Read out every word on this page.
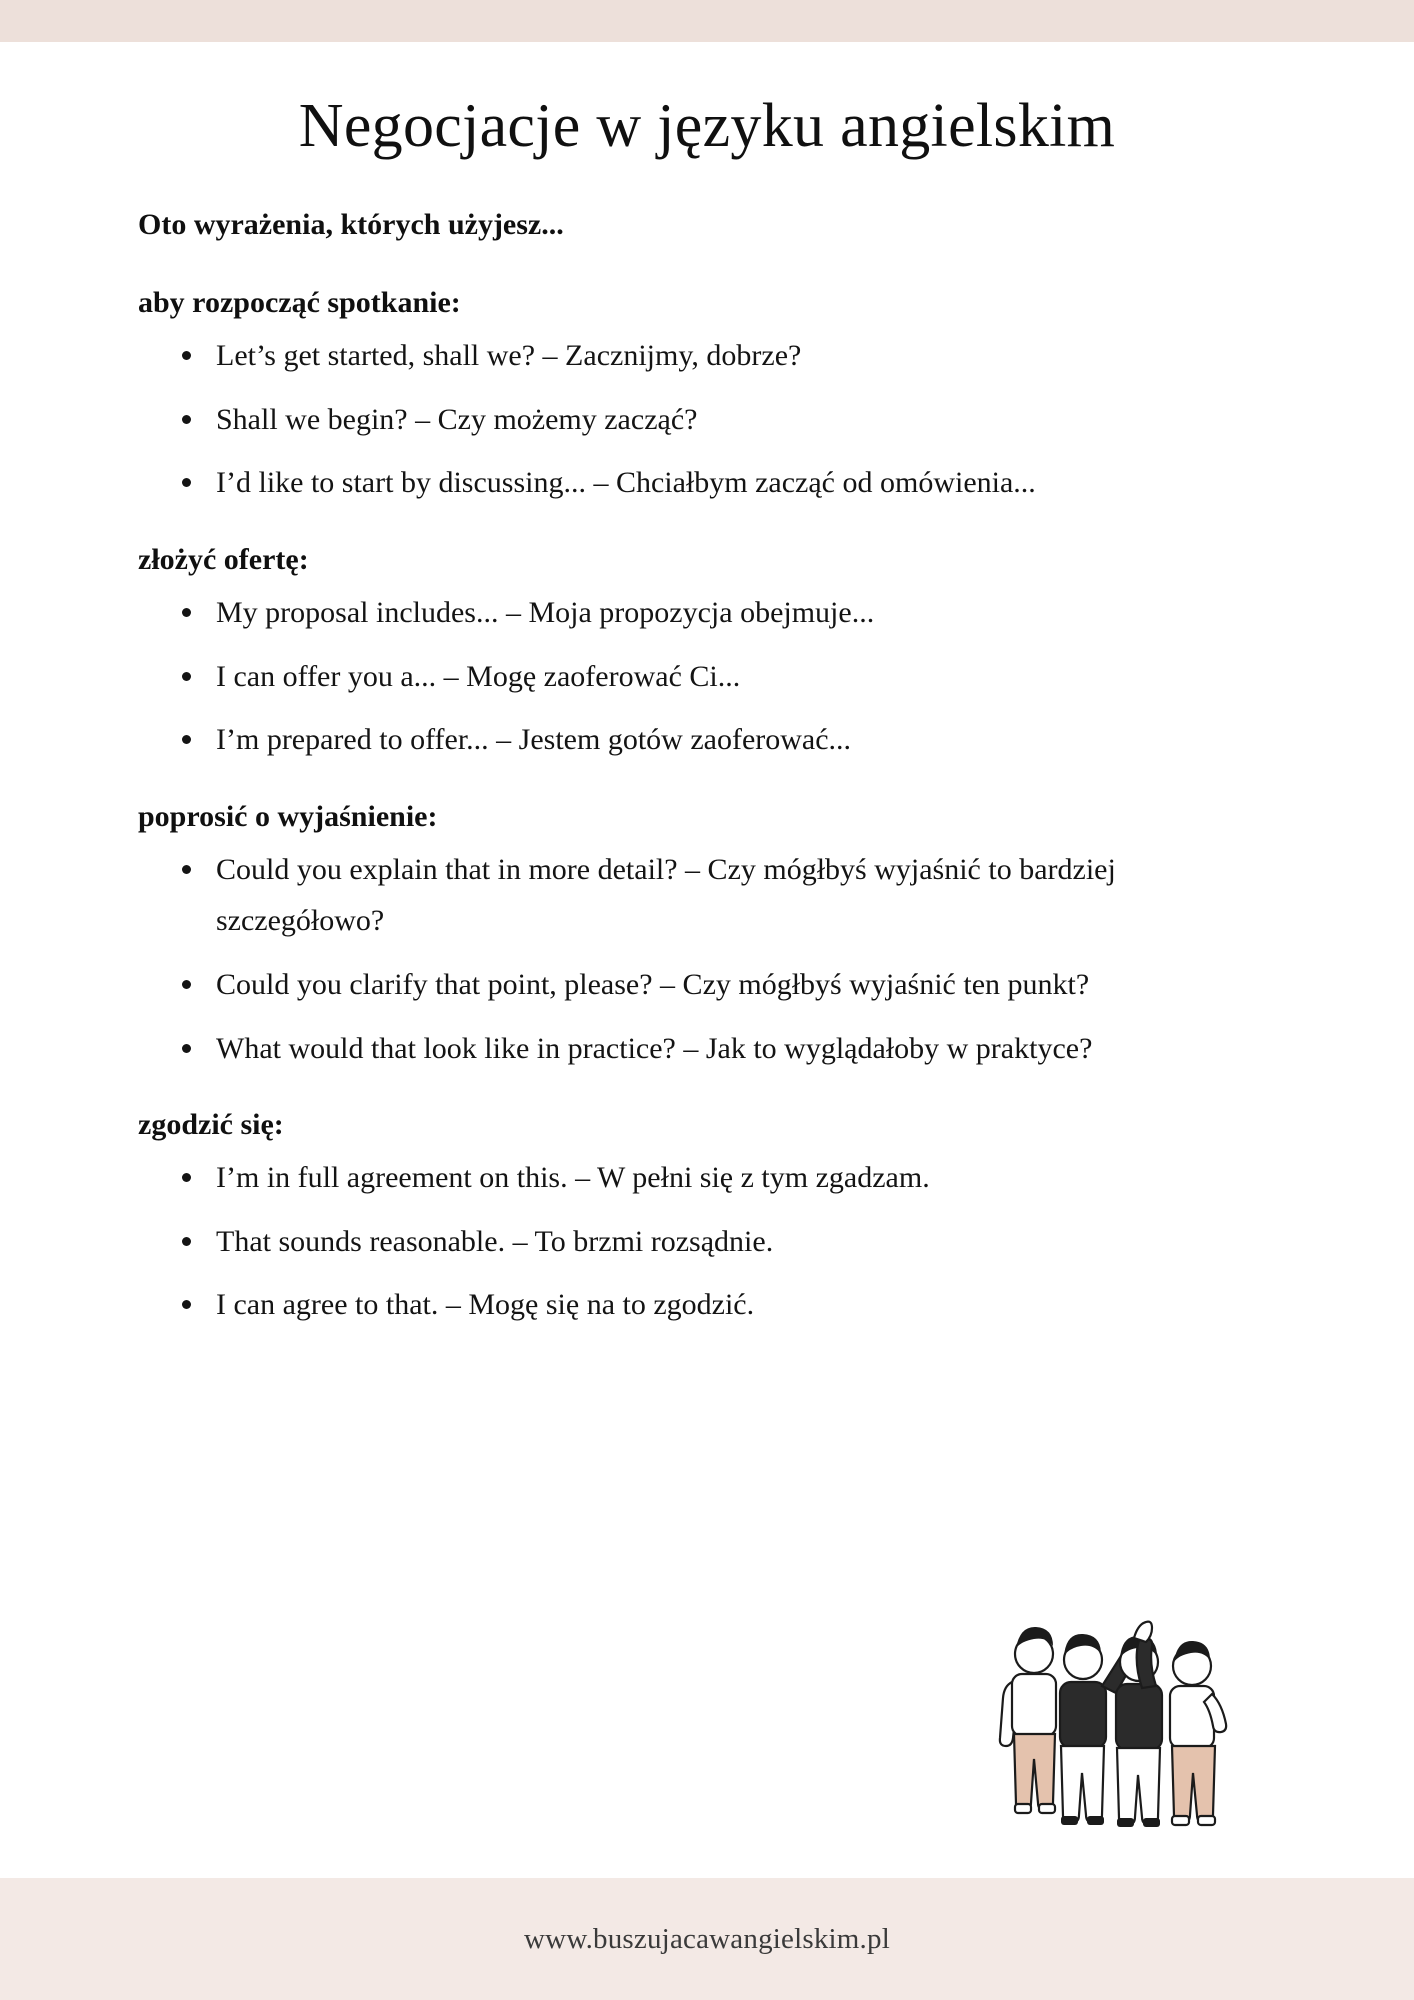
Negocjacje w języku angielskim

Oto wyrażenia, których użyjesz...

aby rozpocząć spotkanie:

Let’s get started, shall we? – Zacznijmy, dobrze?
Shall we begin? – Czy możemy zacząć?
I’d like to start by discussing... – Chciałbym zacząć od omówienia...

złożyć ofertę:

My proposal includes... – Moja propozycja obejmuje...
I can offer you a... – Mogę zaoferować Ci...
I’m prepared to offer... – Jestem gotów zaoferować...

poprosić o wyjaśnienie:

Could you explain that in more detail? – Czy mógłbyś wyjaśnić to bardziej szczegółowo?
Could you clarify that point, please? – Czy mógłbyś wyjaśnić ten punkt?
What would that look like in practice? – Jak to wyglądałoby w praktyce?

zgodzić się:

I’m in full agreement on this. – W pełni się z tym zgadzam.
That sounds reasonable. – To brzmi rozsądnie.
I can agree to that. – Mogę się na to zgodzić.
www.buszujacawangielskim.pl
